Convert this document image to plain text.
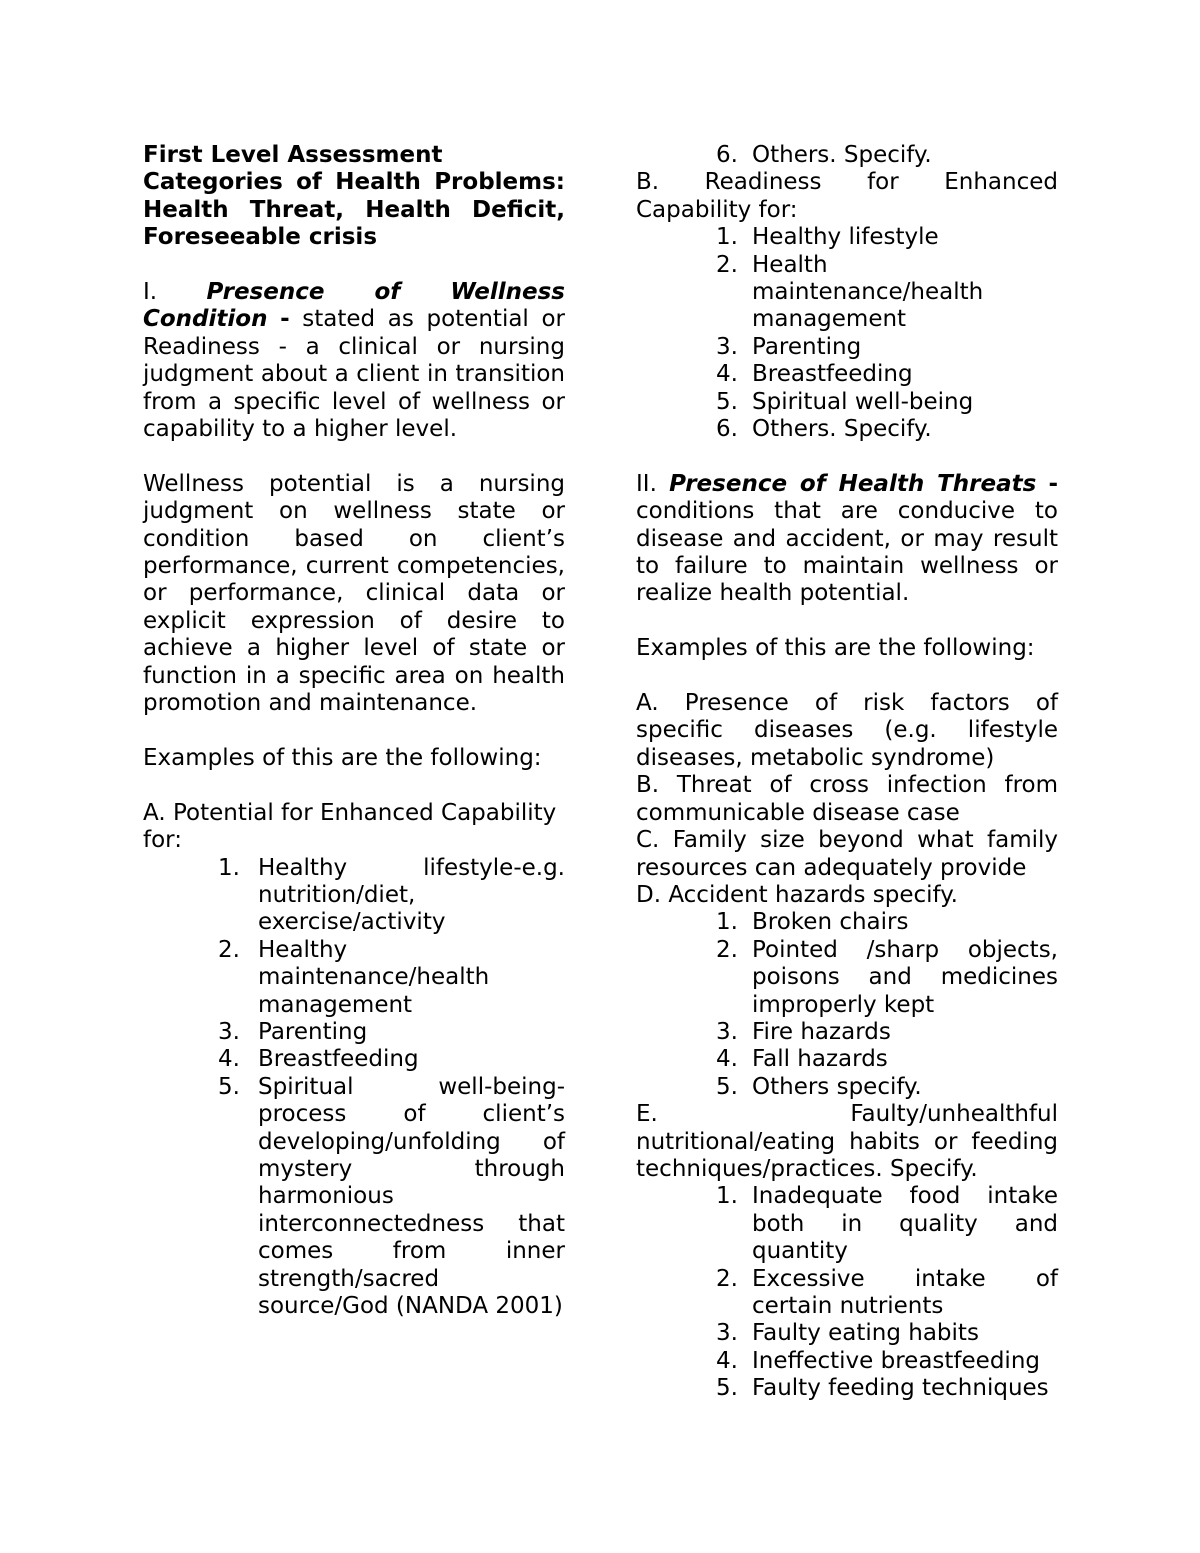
First Level Assessment
Categories of Health Problems: Health Threat, Health Deficit, Foreseeable crisis
I. Presence of Wellness Condition - stated as potential or Readiness - a clinical or nursing judgment about a client in transition from a specific level of wellness or capability to a higher level.
Wellness potential is a nursing judgment on wellness state or condition based on client’s performance, current competencies, or performance, clinical data or explicit expression of desire to achieve a higher level of state or function in a specific area on health promotion and maintenance.
Examples of this are the following:
A. Potential for Enhanced Capability for:
1. Healthy lifestyle-e.g. nutrition/diet, exercise/activity
2. Healthy maintenance/health management
3. Parenting
4. Breastfeeding
5. Spiritual well-being-process of client’s developing/unfolding of mystery through harmonious interconnectedness that comes from inner strength/sacred source/God (NANDA 2001)
6. Others. Specify.
B. Readiness for Enhanced Capability for:
1. Healthy lifestyle
2. Health maintenance/health management
3. Parenting
4. Breastfeeding
5. Spiritual well-being
6. Others. Specify.
II. Presence of Health Threats - conditions that are conducive to disease and accident, or may result to failure to maintain wellness or realize health potential.
Examples of this are the following:
A. Presence of risk factors of specific diseases (e.g. lifestyle diseases, metabolic syndrome)
B. Threat of cross infection from communicable disease case
C. Family size beyond what family resources can adequately provide
D. Accident hazards specify.
1. Broken chairs
2. Pointed /sharp objects, poisons and medicines improperly kept
3. Fire hazards
4. Fall hazards
5. Others specify.
E. Faulty/unhealthful nutritional/eating habits or feeding techniques/practices. Specify.
1. Inadequate food intake both in quality and quantity
2. Excessive intake of certain nutrients
3. Faulty eating habits
4. Ineffective breastfeeding
5. Faulty feeding techniques
